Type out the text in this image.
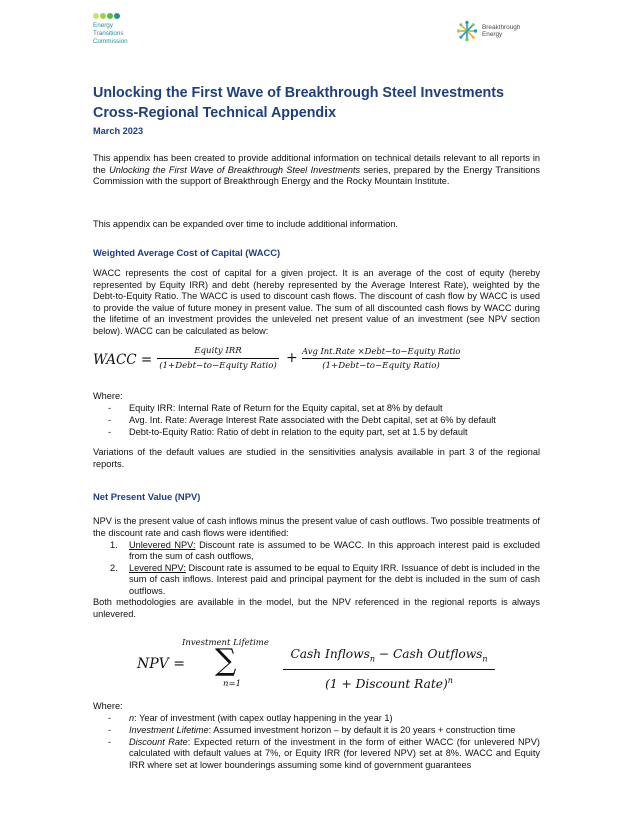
Energy
Transitions
Commission
Breakthrough
Energy
Unlocking the First Wave of Breakthrough Steel Investments
Cross-Regional Technical Appendix
March 2023

This appendix has been created to provide additional information on technical details relevant to all reports in the Unlocking the First Wave of Breakthrough Steel Investments series, prepared by the Energy Transitions Commission with the support of Breakthrough Energy and the Rocky Mountain Institute.

This appendix can be expanded over time to include additional information.

Weighted Average Cost of Capital (WACC)

WACC represents the cost of capital for a given project. It is an average of the cost of equity (hereby represented by Equity IRR) and debt (hereby represented by the Average Interest Rate), weighted by the Debt-to-Equity Ratio. The WACC is used to discount cash flows. The discount of cash flow by WACC is used to provide the value of future money in present value. The sum of all discounted cash flows by WACC during the lifetime of an investment provides the unleveled net present value of an investment (see NPV section below). WACC can be calculated as below:

WACC =
Equity IRR
(1+Debt−to−Equity Ratio) + Avg Int.Rate ×Debt−to−Equity Ratio
(1+Debt−to−Equity Ratio)

Where:

- Equity IRR: Internal Rate of Return for the Equity capital, set at 8% by default
- Avg. Int. Rate: Average Interest Rate associated with the Debt capital, set at 6% by default
- Debt-to-Equity Ratio: Ratio of debt in relation to the equity part, set at 1.5 by default

Variations of the default values are studied in the sensitivities analysis available in part 3 of the regional reports.

Net Present Value (NPV)

NPV is the present value of cash inflows minus the present value of cash outflows. Two possible treatments of the discount rate and cash flows were identified:

1. Unlevered NPV: Discount rate is assumed to be WACC. In this approach interest paid is excluded from the sum of cash outflows,
2. Levered NPV: Discount rate is assumed to be equal to Equity IRR. Issuance of debt is included in the sum of cash inflows. Interest paid and principal payment for the debt is included in the sum of cash outflows.

Both methodologies are available in the model, but the NPV referenced in the regional reports is always unlevered.

NPV =
Investment Lifetime
∑
n=1
Cash Inflows$_n$ − Cash Outflows$_n$
(1 + Discount Rate)$^n$

Where:

- n: Year of investment (with capex outlay happening in the year 1)
- Investment Lifetime: Assumed investment horizon – by default it is 20 years + construction time
- Discount Rate: Expected return of the investment in the form of either WACC (for unlevered NPV) calculated with default values at 7%, or Equity IRR (for levered NPV) set at 8%. WACC and Equity IRR where set at lower bounderings assuming some kind of government guarantees
